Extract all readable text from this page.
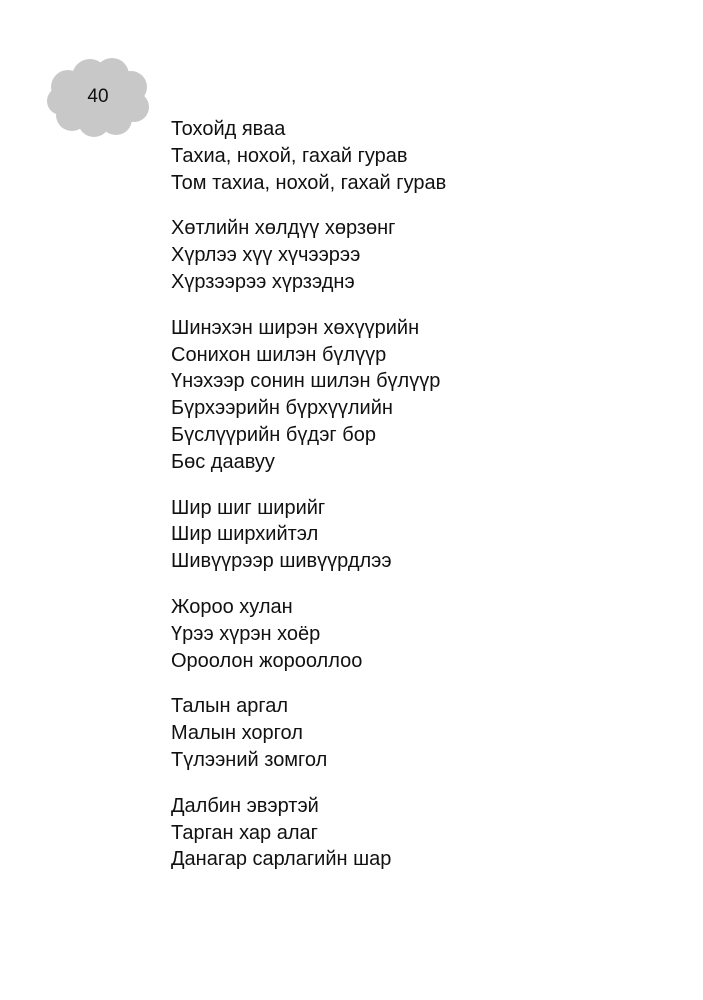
40
Тохойд яваа
Тахиа, нохой, гахай гурав
Том тахиа, нохой, гахай гурав
Хөтлийн хөлдүү хөрзөнг
Хүрлээ хүү хүчээрээ
Хүрзээрээ хүрзэднэ
Шинэхэн ширэн хөхүүрийн
Сонихон шилэн бүлүүр
Үнэхээр сонин шилэн бүлүүр
Бүрхээрийн бүрхүүлийн
Бүслүүрийн бүдэг бор
Бөс даавуу
Шир шиг ширийг
Шир ширхийтэл
Шивүүрээр шивүүрдлээ
Жороо хулан
Үрээ хүрэн хоёр
Ороолон жорооллоо
Талын аргал
Малын хоргол
Түлээний зомгол
Далбин эвэртэй
Тарган хар алаг
Данагар сарлагийн шар
